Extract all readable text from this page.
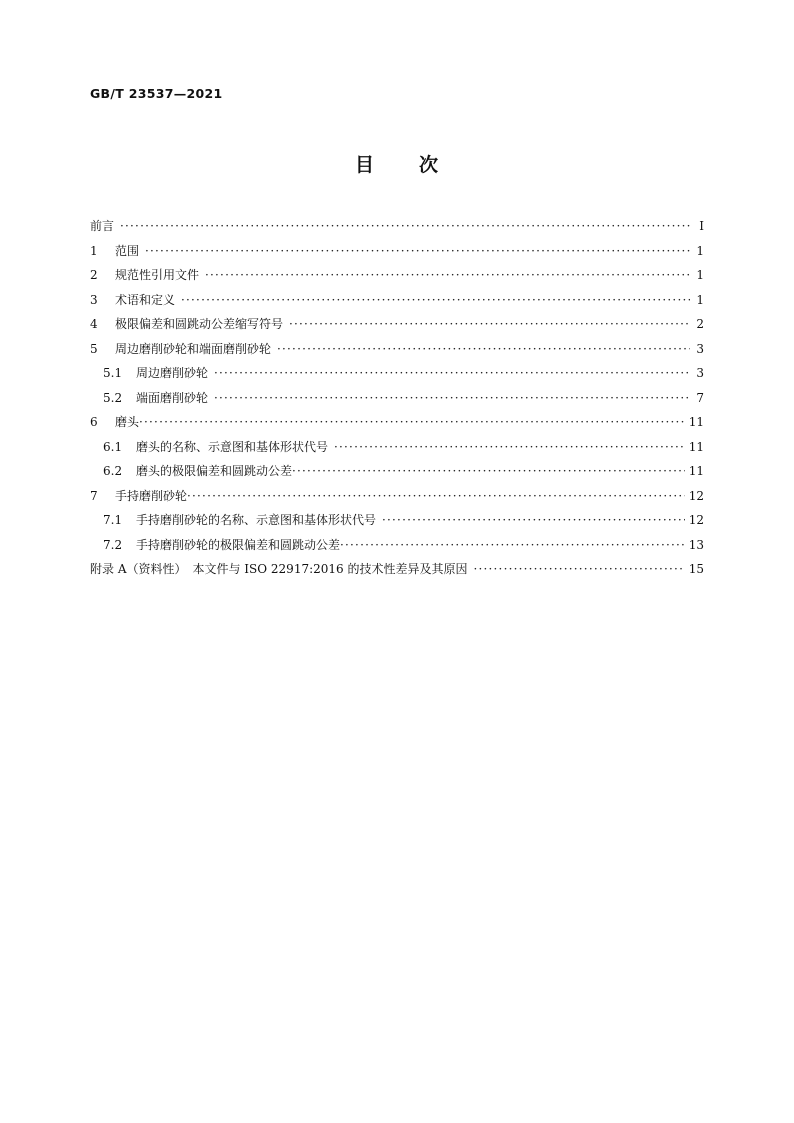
GB/T 23537—2021
目 次
前言 ·····	Ⅰ
1	范围 ·····	1
2	规范性引用文件 ·····	1
3	术语和定义 ·····	1
4	极限偏差和圆跳动公差缩写符号 ·····	2
5	周边磨削砂轮和端面磨削砂轮 ·····	3
5.1	周边磨削砂轮 ·····	3
5.2	端面磨削砂轮 ·····	7
6	磨头 ·····	11
6.1	磨头的名称、示意图和基体形状代号 ·····	11
6.2	磨头的极限偏差和圆跳动公差 ·····	11
7	手持磨削砂轮 ·····	12
7.1	手持磨削砂轮的名称、示意图和基体形状代号 ·····	12
7.2	手持磨削砂轮的极限偏差和圆跳动公差 ·····	13
附录 A（资料性）　本文件与 ISO 22917:2016 的技术性差异及其原因 ·····	15
